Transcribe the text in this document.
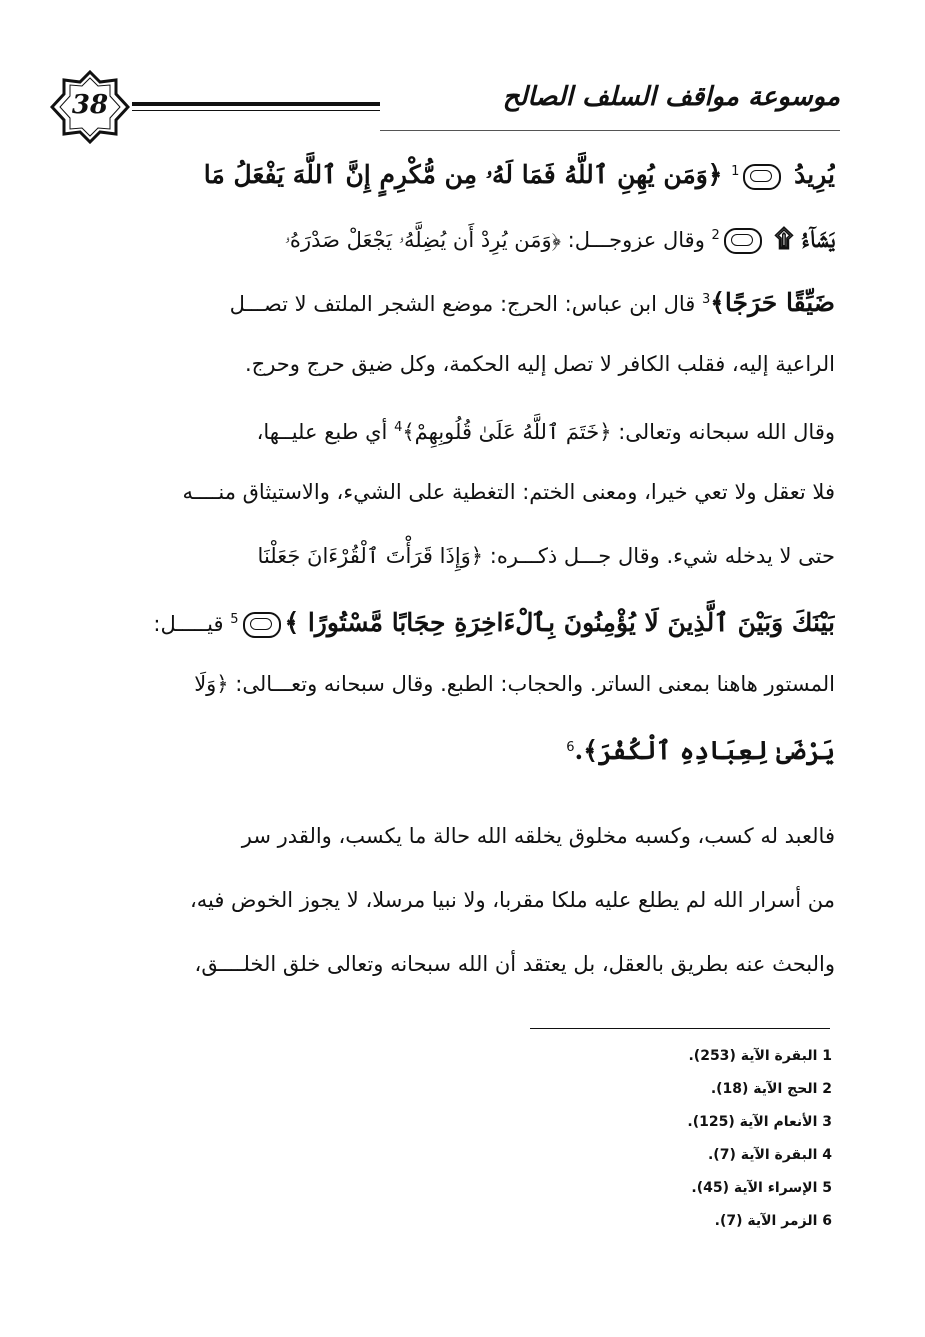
38	موسوعة مواقف السلف الصالح
يُرِيدُ $^1$ ﴿وَمَن يُهِنِ ٱللَّهُ فَمَا لَهُۥ مِن مُّكْرِمٍ إِنَّ ٱللَّهَ يَفْعَلُ مَا
يَشَآءُ ۩ $^2$ وقال عزوجـــل: ﴿وَمَن يُرِدْ أَن يُضِلَّهُۥ يَجْعَلْ صَدْرَهُۥ
ضَيِّقًا حَرَجًا﴾$^3$ قال ابن عباس: الحرج: موضع الشجر الملتف لا تصـــل
الراعية إليه، فقلب الكافر لا تصل إليه الحكمة، وكل ضيق حرج وحرج.
وقال الله سبحانه وتعالى: ﴿خَتَمَ ٱللَّهُ عَلَىٰ قُلُوبِهِمْ﴾$^4$ أي طبع عليــها،
فلا تعقل ولا تعي خيرا، ومعنى الختم: التغطية على الشيء، والاستيثاق منــــه
حتى لا يدخله شيء. وقال جـــل ذكـــره: ﴿وَإِذَا قَرَأْتَ ٱلْقُرْءَانَ جَعَلْنَا
بَيْنَكَ وَبَيْنَ ٱلَّذِينَ لَا يُؤْمِنُونَ بِٱلْءَاخِرَةِ حِجَابًا مَّسْتُورًا ﴾$^5$ قيـــــل:
المستور هاهنا بمعنى الساتر. والحجاب: الطبع. وقال سبحانه وتعـــالى: ﴿وَلَا
يَرْضَىٰ لِعِبَادِهِ ٱلْكُفْرَ﴾.$^6$
فالعبد له كسب، وكسبه مخلوق يخلقه الله حالة ما يكسب، والقدر سر
من أسرار الله لم يطلع عليه ملكا مقربا، ولا نبيا مرسلا، لا يجوز الخوض فيه،
والبحث عنه بطريق بالعقل، بل يعتقد أن الله سبحانه وتعالى خلق الخلــــق،
1 البقرة الآية (253).
2 الحج الآية (18).
3 الأنعام الآية (125).
4 البقرة الآية (7).
5 الإسراء الآية (45).
6 الزمر الآية (7).
